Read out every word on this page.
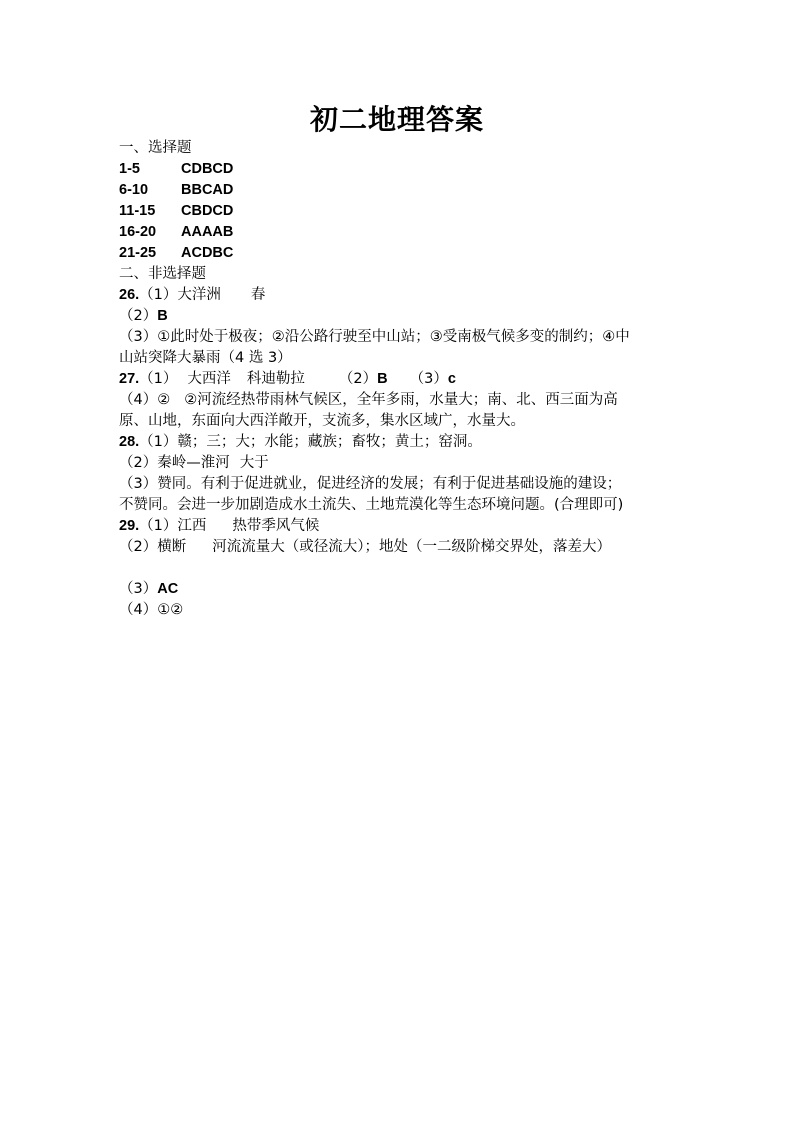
初二地理答案
一、选择题
1-5	CDBCD
6-10 BBCAD
11-15 CBDCD
16-20 AAAAB
21-25 ACDBC
二、非选择题
26.（1）大洋洲 春
（2）B
（3）①此时处于极夜；②沿公路行驶至中山站；③受南极气候多变的制约；④中
山站突降大暴雨（4 选 3）
27.（1） 大西洋 科迪勒拉 （2）B （3）c
（4）② ②河流经热带雨林气候区，全年多雨，水量大；南、北、西三面为高
原、山地，东面向大西洋敞开，支流多，集水区域广，水量大。
28.（1）赣；三；大；水能；藏族；畜牧；黄土；窑洞。
（2）秦岭—淮河 大于
（3）赞同。有利于促进就业，促进经济的发展；有利于促进基础设施的建设；
不赞同。会进一步加剧造成水土流失、土地荒漠化等生态环境问题。(合理即可)
29.（1）江西 热带季风气候
（2）横断 河流流量大（或径流大）；地处（一二级阶梯交界处，落差大）
（3）AC
（4）①②
